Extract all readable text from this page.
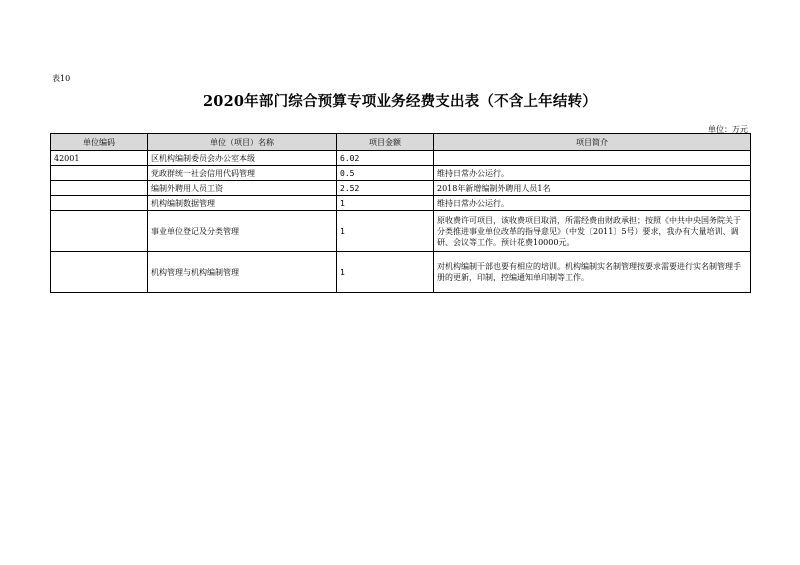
表10
2020年部门综合预算专项业务经费支出表（不含上年结转）
单位：万元
单位编码	单位（项目）名称	项目金额	项目简介
42001	区机构编制委员会办公室本级	6.02	
	党政群统一社会信用代码管理	0.5	维持日常办公运行。
	编制外聘用人员工资	2.52	2018年新增编制外聘用人员1名
	机构编制数据管理	1	维持日常办公运行。
	事业单位登记及分类管理	1	原收费许可项目，该收费项目取消，所需经费由财政承担；按照《中共中央国务院关于分类推进事业单位改革的指导意见》（中发〔2011〕5号）要求，我办有大量培训、调研、会议等工作。预计花费10000元。
	机构管理与机构编制管理	1	对机构编制干部也要有相应的培训。机构编制实名制管理按要求需要进行实名制管理手册的更新，印制，控编通知单印制等工作。
